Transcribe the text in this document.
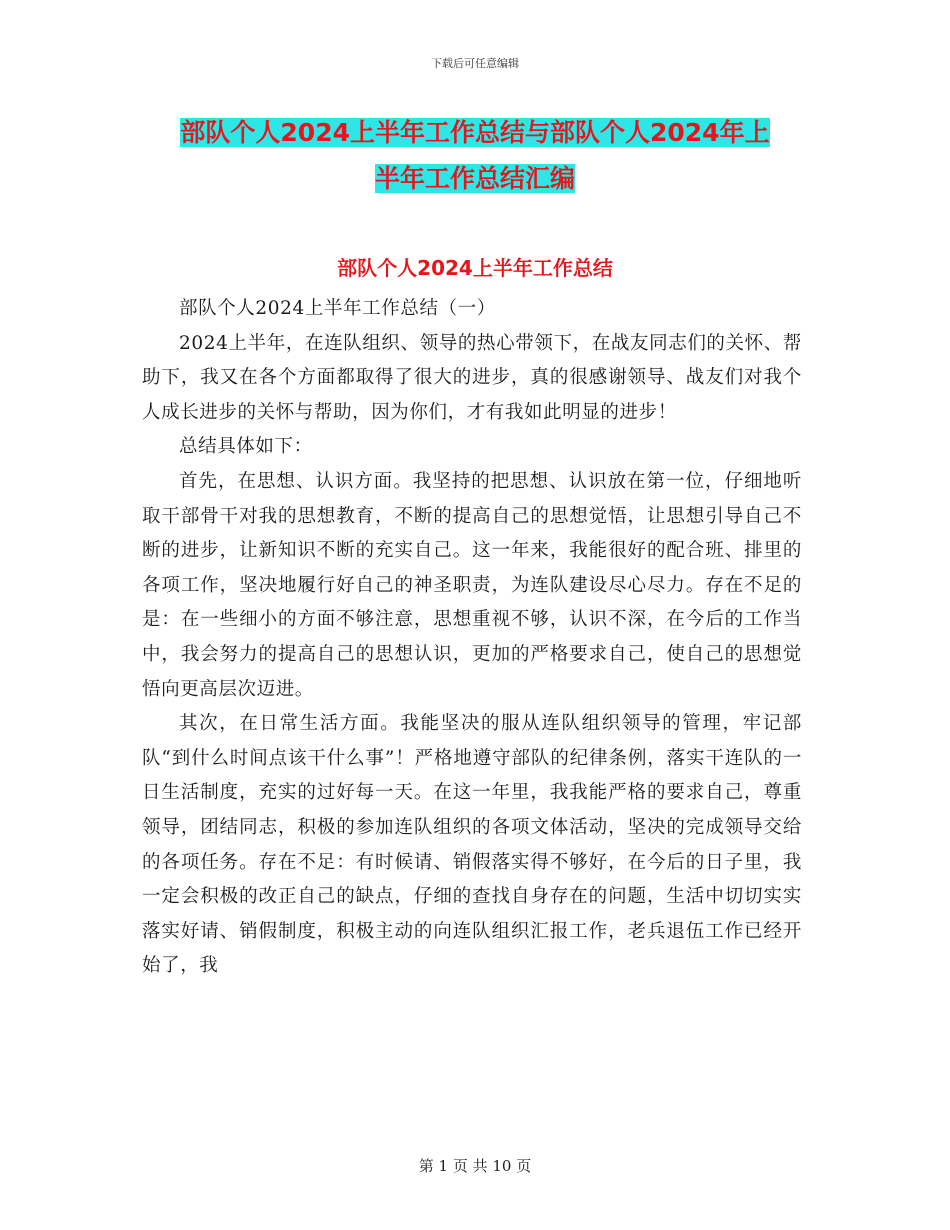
下载后可任意编辑
部队个人2024上半年工作总结与部队个人2024年上
半年工作总结汇编
部队个人2024上半年工作总结

部队个人2024上半年工作总结（一）

2024上半年，在连队组织、领导的热心带领下，在战友同志们的关怀、帮助下，我又在各个方面都取得了很大的进步，真的很感谢领导、战友们对我个人成长进步的关怀与帮助，因为你们，才有我如此明显的进步！

总结具体如下：

首先，在思想、认识方面。我坚持的把思想、认识放在第一位，仔细地听取干部骨干对我的思想教育，不断的提高自己的思想觉悟，让思想引导自己不断的进步，让新知识不断的充实自己。这一年来，我能很好的配合班、排里的各项工作，坚决地履行好自己的神圣职责，为连队建设尽心尽力。存在不足的是：在一些细小的方面不够注意，思想重视不够，认识不深，在今后的工作当中，我会努力的提高自己的思想认识，更加的严格要求自己，使自己的思想觉悟向更高层次迈进。

其次，在日常生活方面。我能坚决的服从连队组织领导的管理，牢记部队“到什么时间点该干什么事”！严格地遵守部队的纪律条例，落实干连队的一日生活制度，充实的过好每一天。在这一年里，我我能严格的要求自己，尊重领导，团结同志，积极的参加连队组织的各项文体活动，坚决的完成领导交给的各项任务。存在不足：有时候请、销假落实得不够好，在今后的日子里，我一定会积极的改正自己的缺点，仔细的查找自身存在的问题，生活中切切实实落实好请、销假制度，积极主动的向连队组织汇报工作，老兵退伍工作已经开始了，我

第 1 页 共 10 页
